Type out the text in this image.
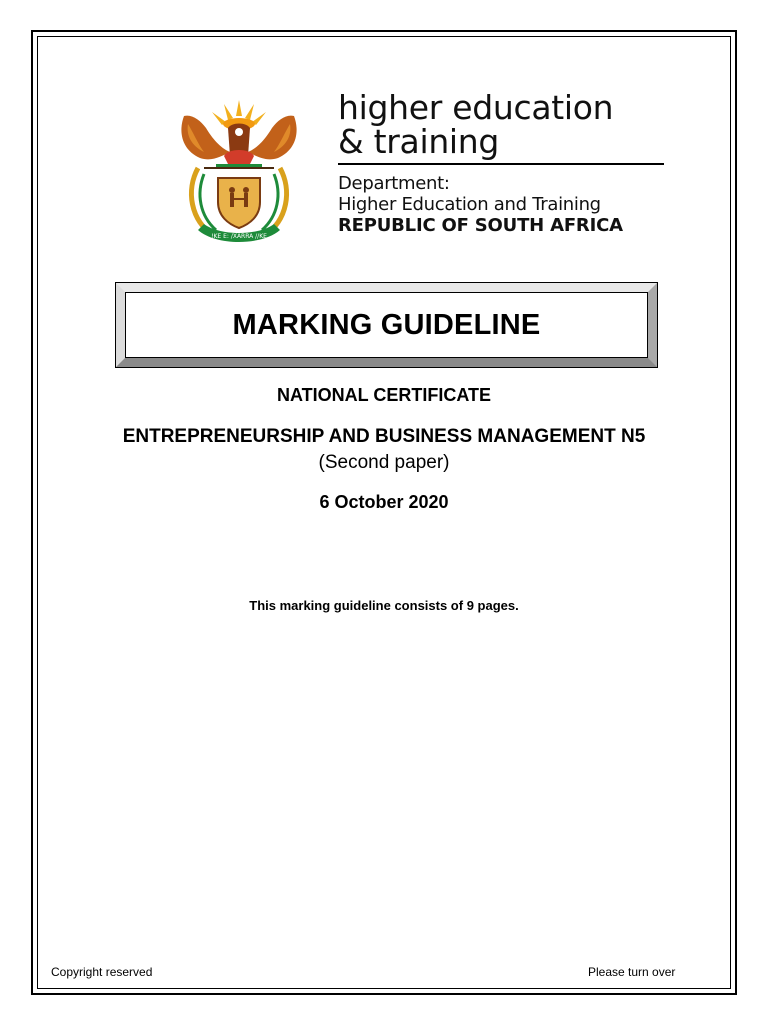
!KE E: /XARRA //KE
higher education
& training
Department:
Higher Education and Training
REPUBLIC OF SOUTH AFRICA
MARKING GUIDELINE
NATIONAL CERTIFICATE
ENTREPRENEURSHIP AND BUSINESS MANAGEMENT N5
(Second paper)
6 October 2020
This marking guideline consists of 9 pages.
Copyright reserved	Please turn over
